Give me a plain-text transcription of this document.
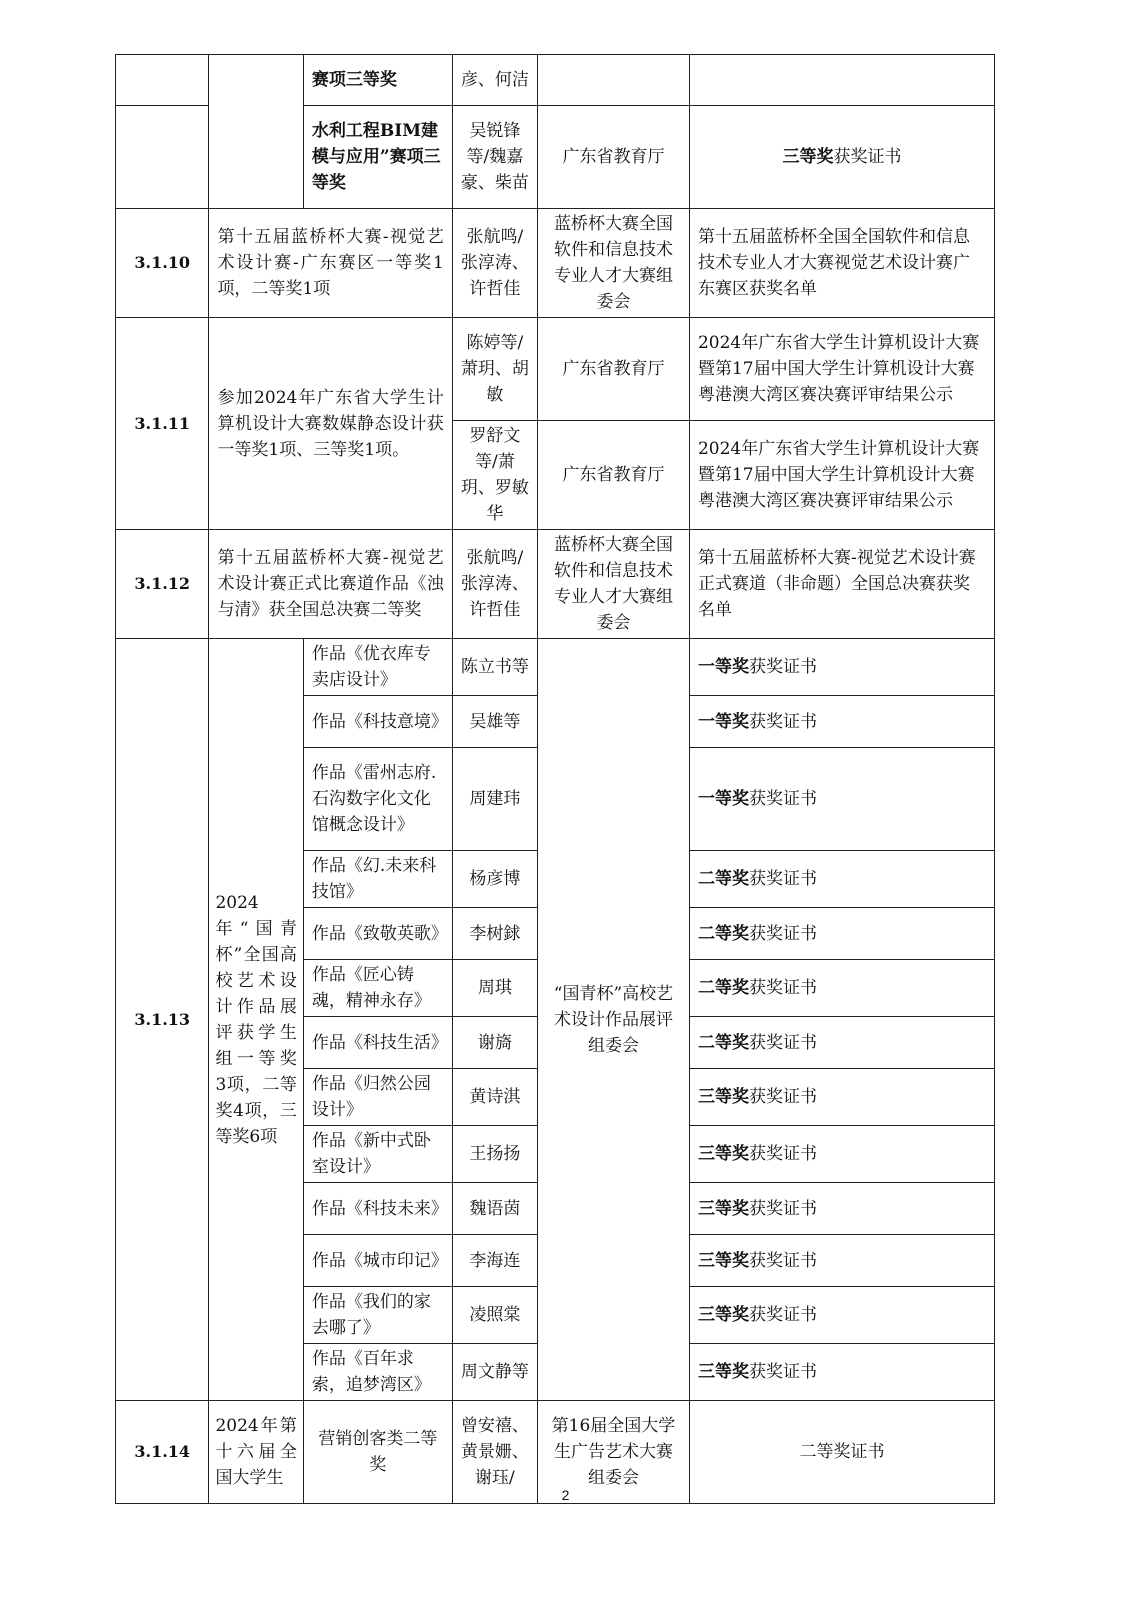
		赛项三等奖	彦、何洁		
		水利工程BIM建模与应用”赛项三等奖	吴锐锋等/魏嘉豪、柴苗	广东省教育厅	三等奖获奖证书
3.1.10	第十五届蓝桥杯大赛-视觉艺术设计赛-广东赛区一等奖1项，二等奖1项		张航鸣/张淳涛、许哲佳	蓝桥杯大赛全国软件和信息技术专业人才大赛组委会	第十五届蓝桥杯全国全国软件和信息技术专业人才大赛视觉艺术设计赛广东赛区获奖名单
3.1.11	参加2024年广东省大学生计算机设计大赛数媒静态设计获一等奖1项、三等奖1项。		陈婷等/萧玥、胡敏	广东省教育厅	2024年广东省大学生计算机设计大赛暨第17届中国大学生计算机设计大赛粤港澳大湾区赛决赛评审结果公示
			罗舒文等/萧玥、罗敏华	广东省教育厅	2024年广东省大学生计算机设计大赛暨第17届中国大学生计算机设计大赛粤港澳大湾区赛决赛评审结果公示
3.1.12	第十五届蓝桥杯大赛-视觉艺术设计赛正式比赛道作品《浊与清》获全国总决赛二等奖		张航鸣/张淳涛、许哲佳	蓝桥杯大赛全国软件和信息技术专业人才大赛组委会	第十五届蓝桥杯大赛-视觉艺术设计赛正式赛道（非命题）全国总决赛获奖名单
3.1.13	2024 年“国青杯”全国高校艺术设计作品展评获学生组一等奖 3项，二等奖4项，三等奖6项	作品《优衣库专卖店设计》	陈立书等	“国青杯”高校艺术设计作品展评组委会	一等奖获奖证书
		作品《科技意境》	吴雄等		一等奖获奖证书
		作品《雷州志府.石沟数字化文化馆概念设计》	周建玮		一等奖获奖证书
		作品《幻.未来科技馆》	杨彦博		二等奖获奖证书
		作品《致敬英歌》	李树銶		二等奖获奖证书
		作品《匠心铸魂，精神永存》	周琪		二等奖获奖证书
		作品《科技生活》	谢旖		二等奖获奖证书
		作品《归然公园设计》	黄诗淇		三等奖获奖证书
		作品《新中式卧室设计》	王扬扬		三等奖获奖证书
		作品《科技未来》	魏语茵		三等奖获奖证书
		作品《城市印记》	李海连		三等奖获奖证书
		作品《我们的家去哪了》	凌照棠		三等奖获奖证书
		作品《百年求索，追梦湾区》	周文静等		三等奖获奖证书
3.1.14	2024年第十六届全国大学生	营销创客类二等奖	曾安禧、黄景姗、谢珏/	第16届全国大学生广告艺术大赛组委会	二等奖证书
2
